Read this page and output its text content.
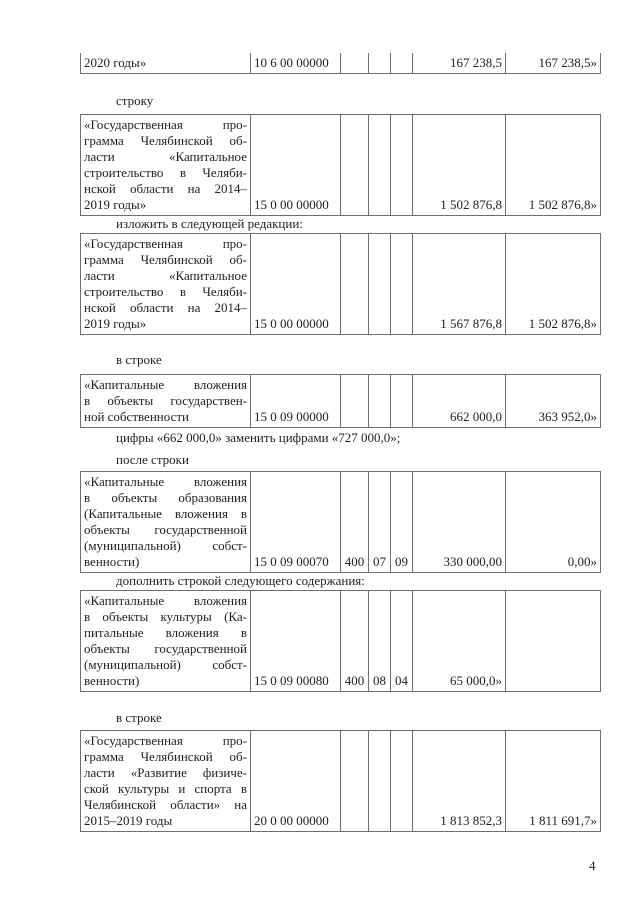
2020 годы»	10 6 00 00000				167 238,5	167 238,5»
строку
«Государственная про-
грамма Челябинской об-
ласти «Капитальное
строительство в Челяби-
нской области на 2014–
2019 годы»	15 0 00 00000				1 502 876,8	1 502 876,8»
изложить в следующей редакции:
«Государственная про-
грамма Челябинской об-
ласти «Капитальное
строительство в Челяби-
нской области на 2014–
2019 годы»	15 0 00 00000				1 567 876,8	1 502 876,8»
в строке
«Капитальные вложения
в объекты государствен-
ной собственности	15 0 09 00000				662 000,0	363 952,0»
цифры «662 000,0» заменить цифрами «727 000,0»;
после строки
«Капитальные вложения
в объекты образования
(Капитальные вложения в
объекты государственной
(муниципальной) собст-
венности)	15 0 09 00070	400	07	09	330 000,00	0,00»
дополнить строкой следующего содержания:
«Капитальные вложения
в объекты культуры (Ка-
питальные вложения в
объекты государственной
(муниципальной) собст-
венности)	15 0 09 00080	400	08	04	65 000,0»	
в строке
«Государственная про-
грамма Челябинской об-
ласти «Развитие физиче-
ской культуры и спорта в
Челябинской области» на
2015–2019 годы	20 0 00 00000				1 813 852,3	1 811 691,7»
4
